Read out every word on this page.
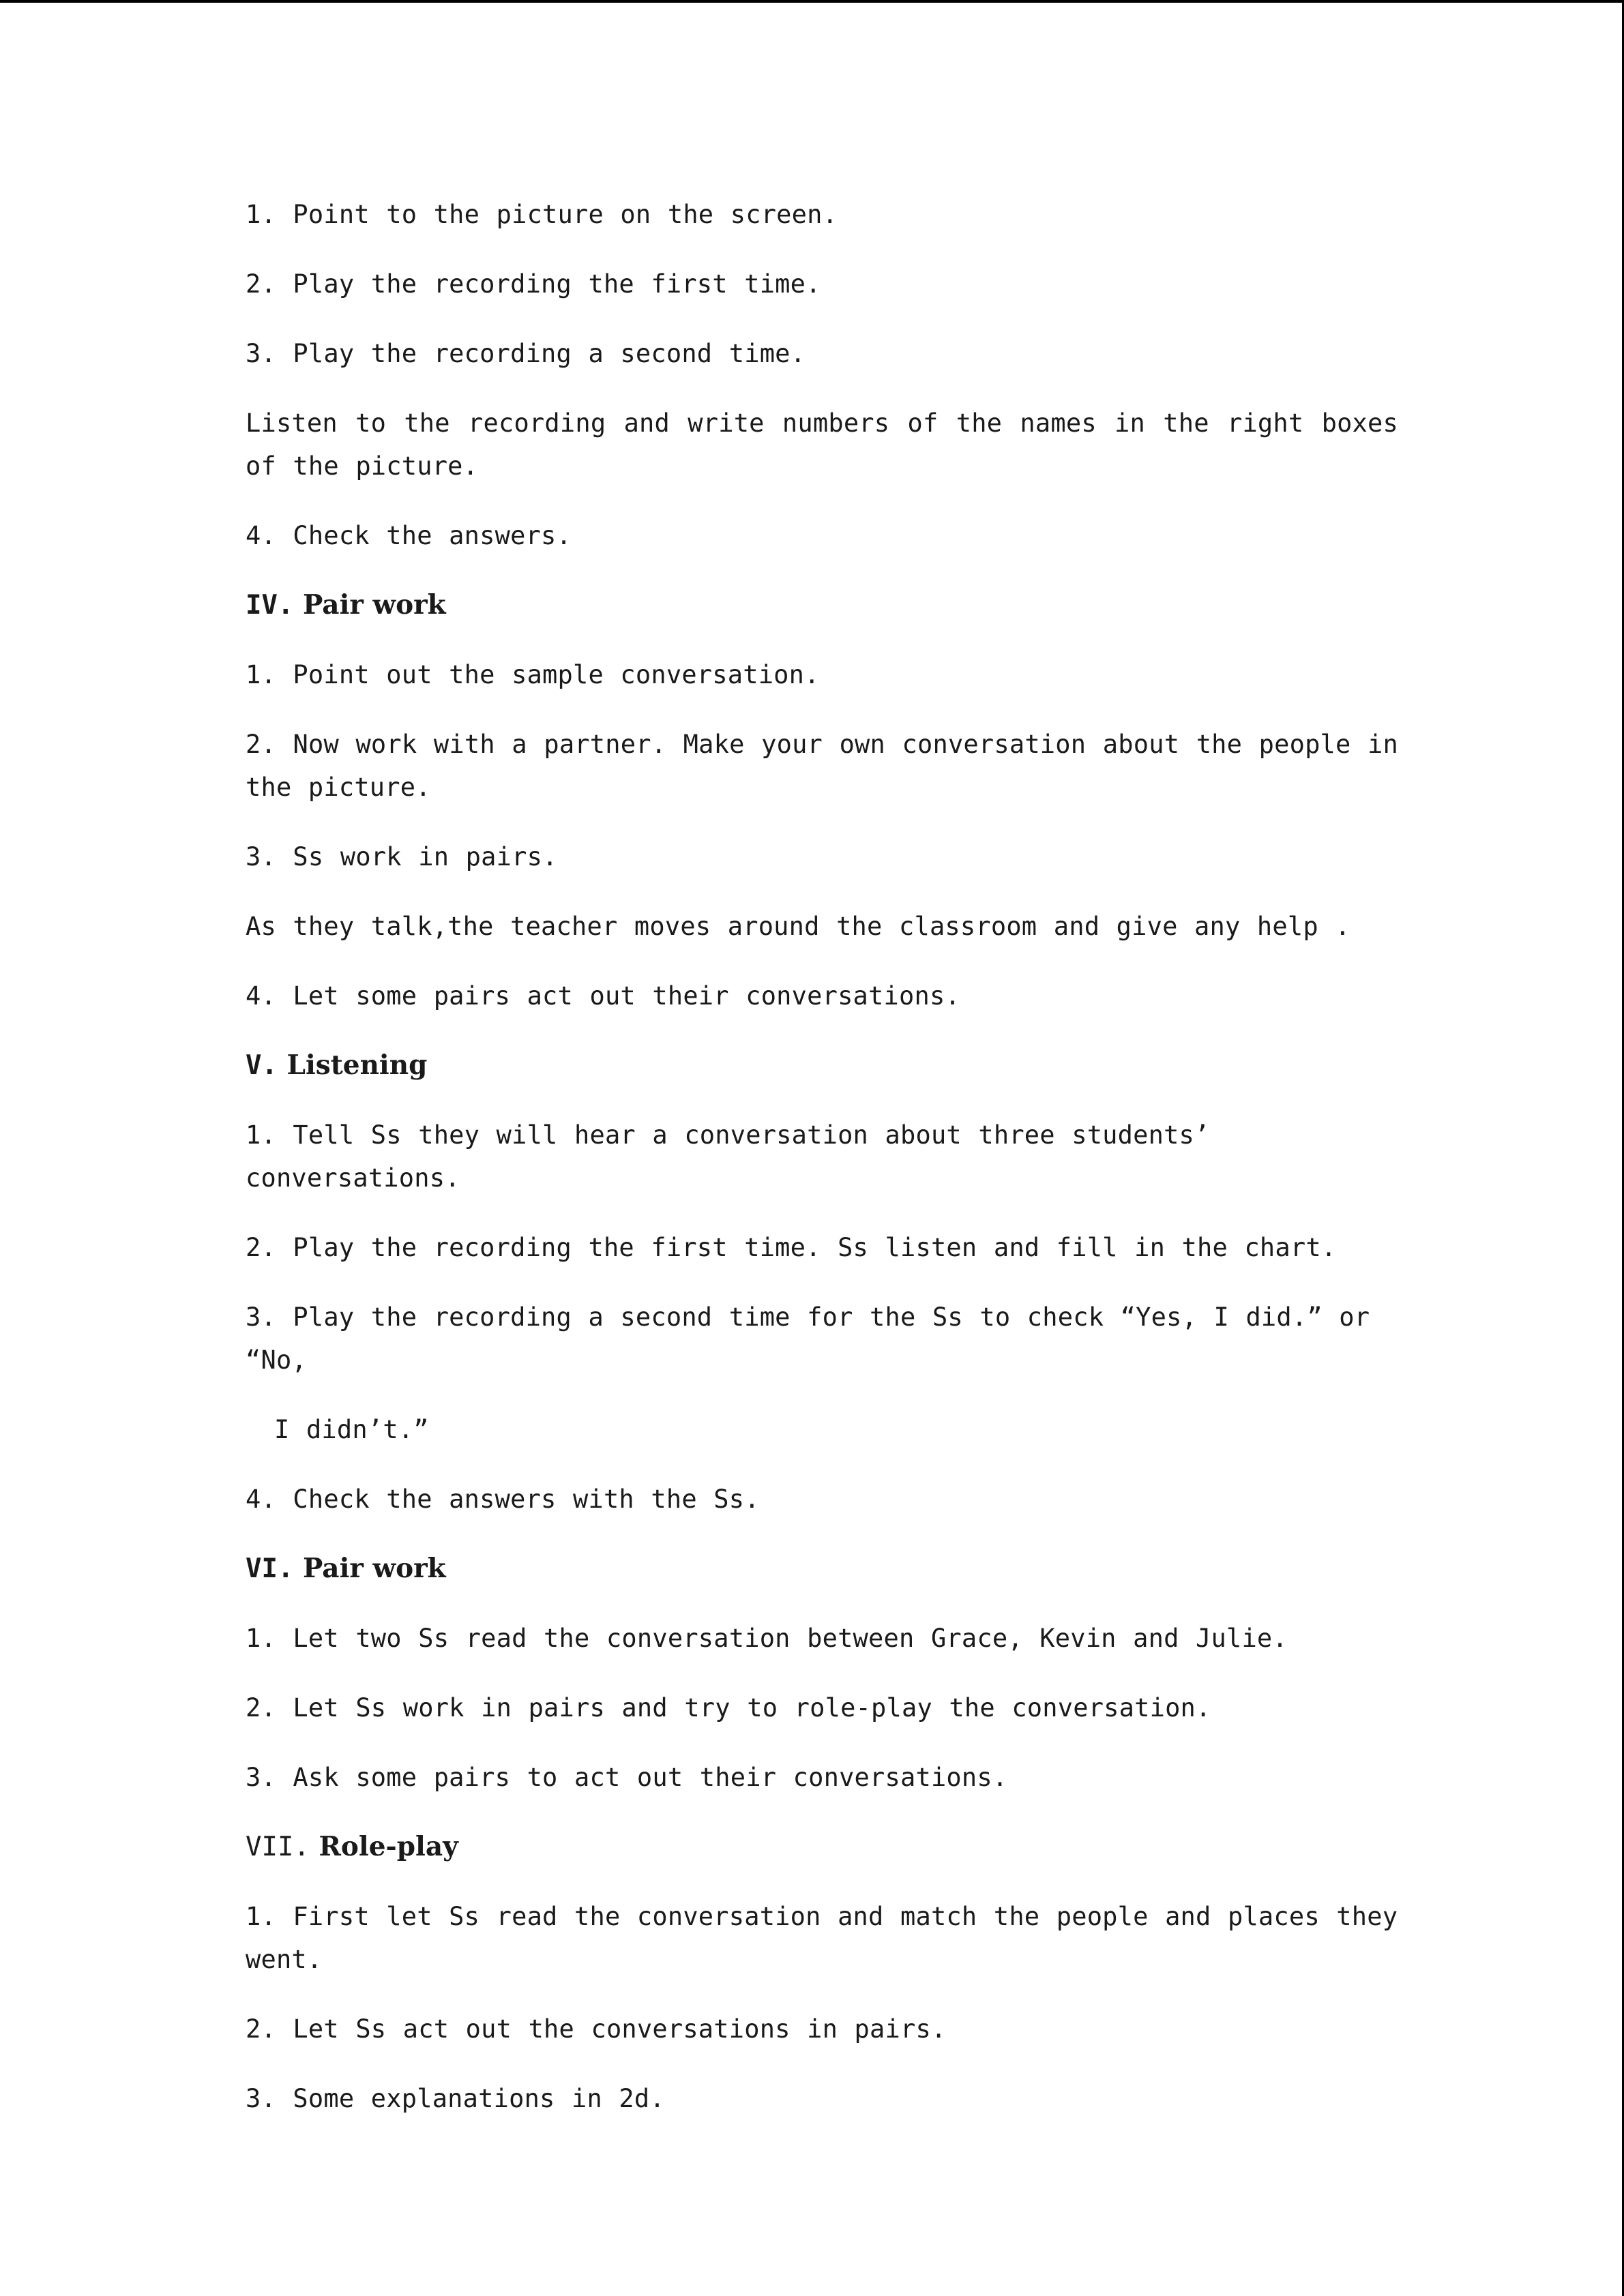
1. Point to the picture on the screen.

2. Play the recording the first time.

3. Play the recording a second time.

Listen to the recording and write numbers of the names in the right boxes of the picture.

4. Check the answers.

IV. Pair work

1. Point out the sample conversation.

2. Now work with a partner. Make your own conversation about the people in the picture.

3. Ss work in pairs.

As they talk,the teacher moves around the classroom and give any help .

4. Let some pairs act out their conversations.

V. Listening

1. Tell Ss they will hear a conversation about three students’ conversations.

2. Play the recording the first time. Ss listen and fill in the chart.

3. Play the recording a second time for the Ss to check “Yes, I did.” or “No,

I didn’t.”

4. Check the answers with the Ss.

VI. Pair work

1. Let two Ss read the conversation between Grace, Kevin and Julie.

2. Let Ss work in pairs and try to role-play the conversation.

3. Ask some pairs to act out their conversations.

VII. Role-play

1. First let Ss read the conversation and match the people and places they went.

2. Let Ss act out the conversations in pairs.

3. Some explanations in 2d.
